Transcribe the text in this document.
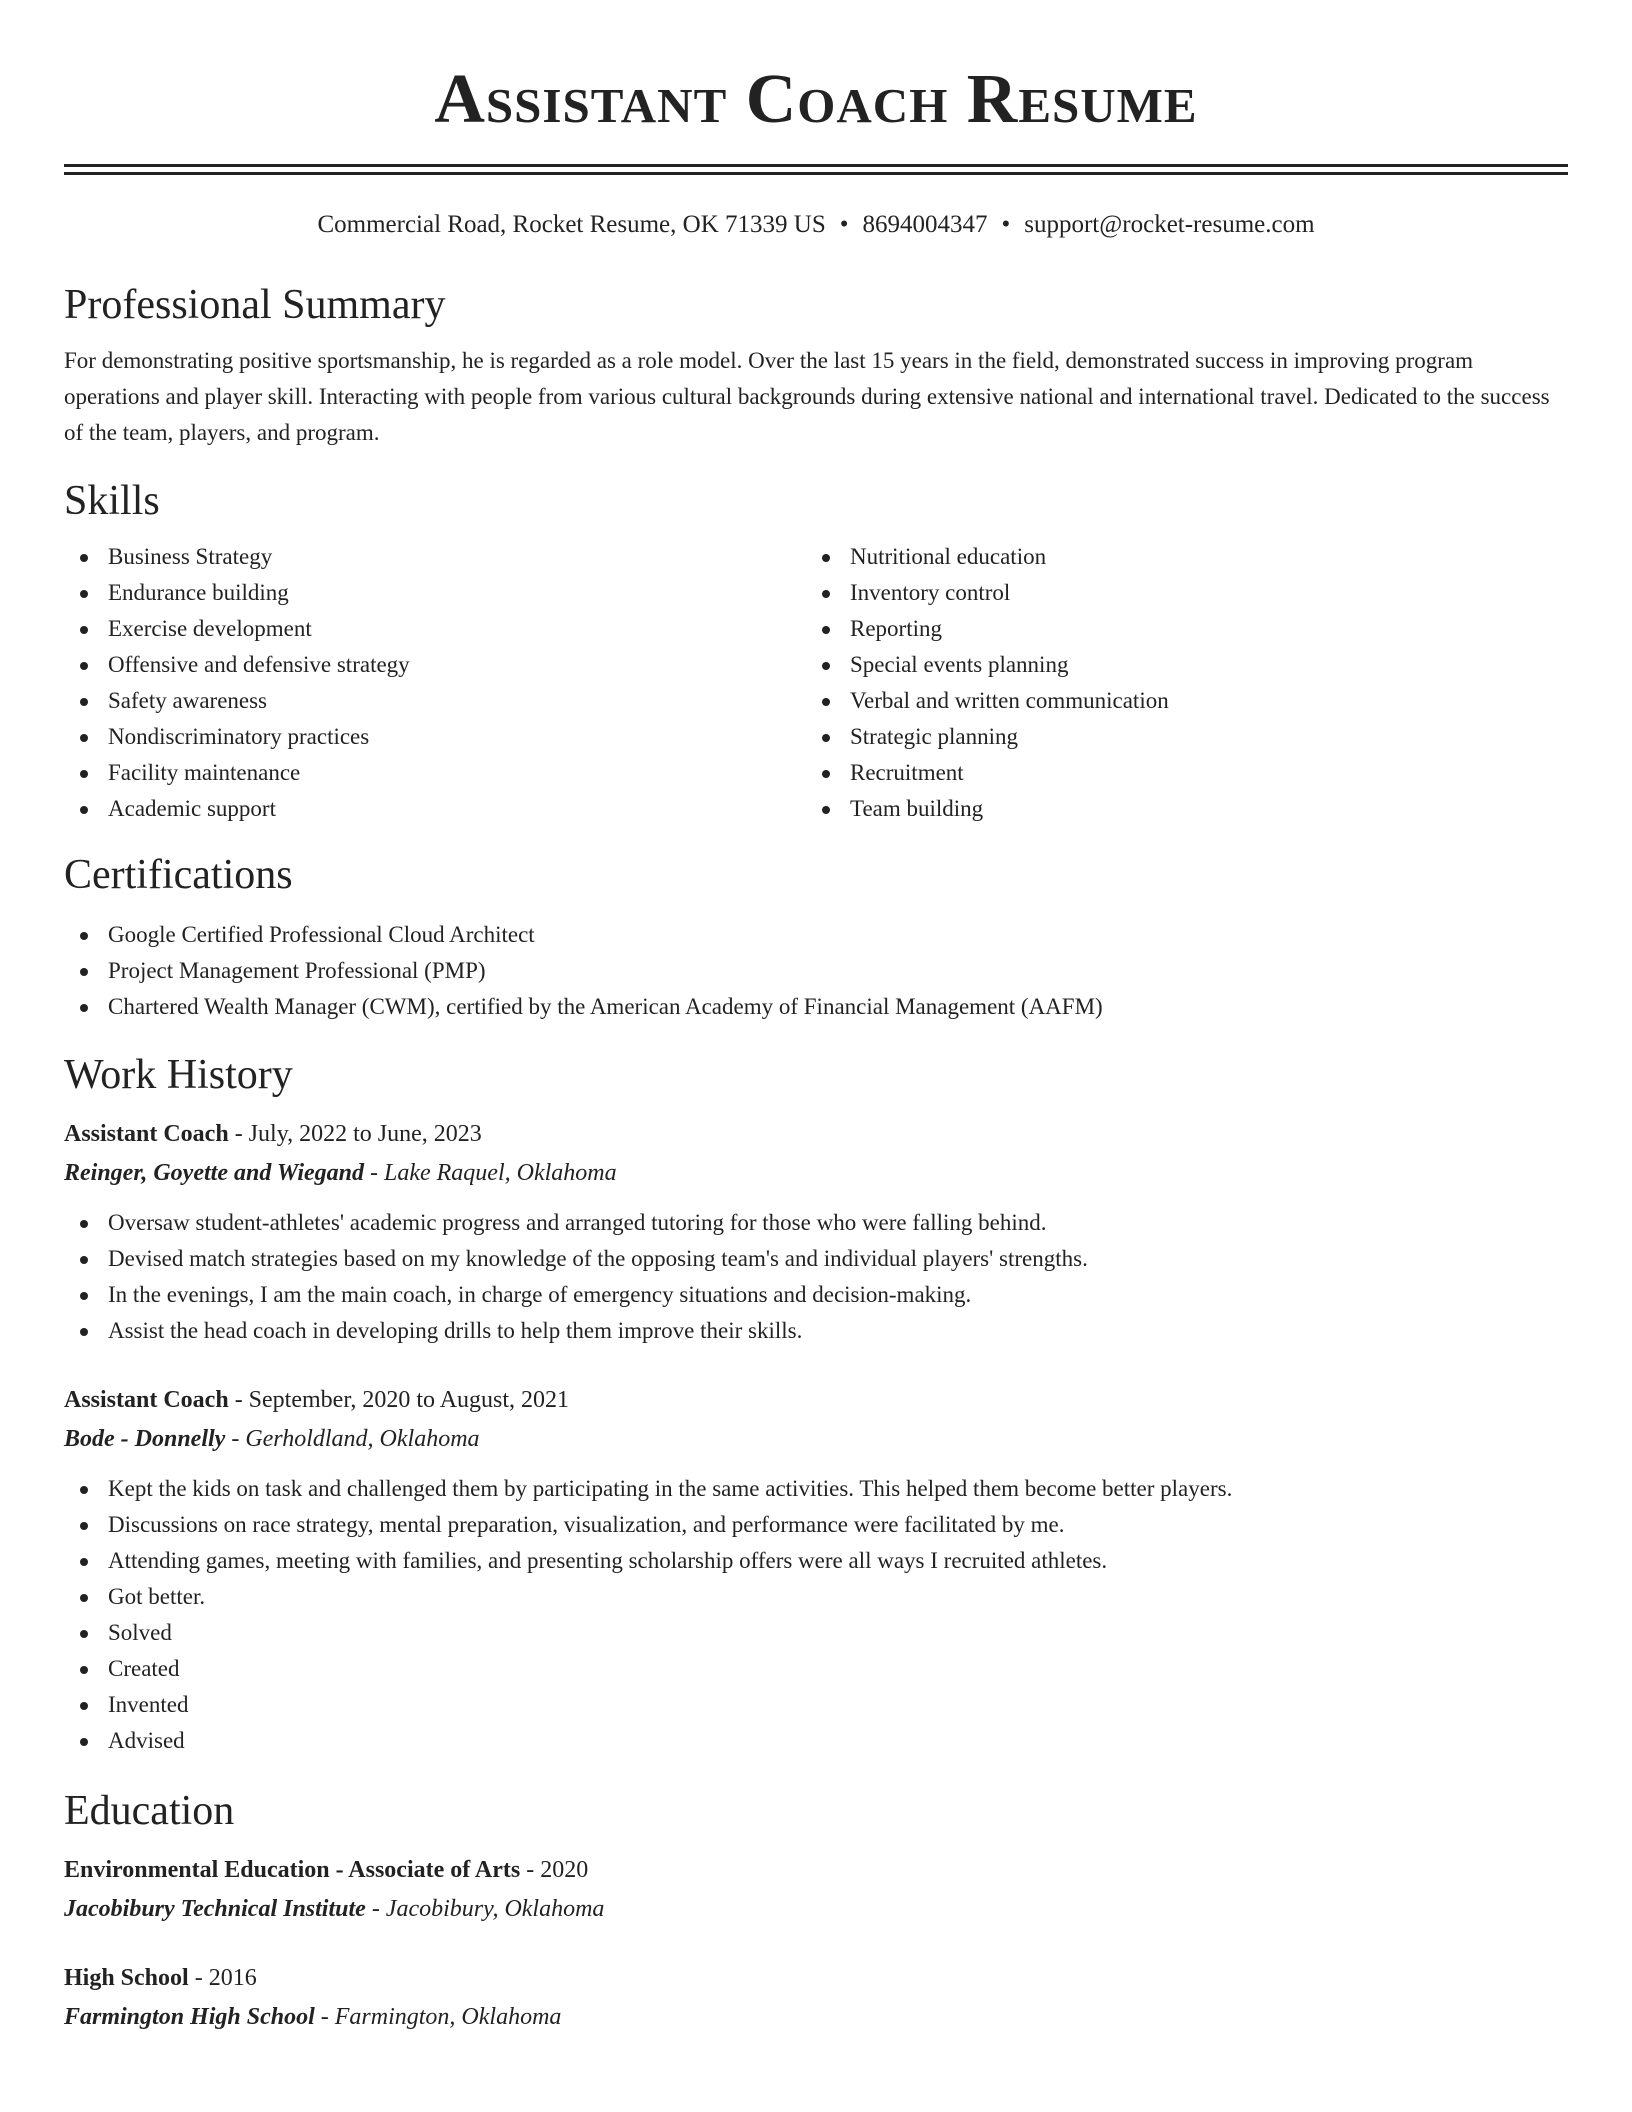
Assistant Coach Resume
Commercial Road, Rocket Resume, OK 71339 US • 8694004347 • support@rocket-resume.com
Professional Summary
For demonstrating positive sportsmanship, he is regarded as a role model. Over the last 15 years in the field, demonstrated success in improving program operations and player skill. Interacting with people from various cultural backgrounds during extensive national and international travel. Dedicated to the success of the team, players, and program.
Skills
Business Strategy
Endurance building
Exercise development
Offensive and defensive strategy
Safety awareness
Nondiscriminatory practices
Facility maintenance
Academic support
Nutritional education
Inventory control
Reporting
Special events planning
Verbal and written communication
Strategic planning
Recruitment
Team building
Certifications
Google Certified Professional Cloud Architect
Project Management Professional (PMP)
Chartered Wealth Manager (CWM), certified by the American Academy of Financial Management (AAFM)
Work History
Assistant Coach - July, 2022 to June, 2023
Reinger, Goyette and Wiegand - Lake Raquel, Oklahoma
Oversaw student-athletes' academic progress and arranged tutoring for those who were falling behind.
Devised match strategies based on my knowledge of the opposing team's and individual players' strengths.
In the evenings, I am the main coach, in charge of emergency situations and decision-making.
Assist the head coach in developing drills to help them improve their skills.
Assistant Coach - September, 2020 to August, 2021
Bode - Donnelly - Gerholdland, Oklahoma
Kept the kids on task and challenged them by participating in the same activities. This helped them become better players.
Discussions on race strategy, mental preparation, visualization, and performance were facilitated by me.
Attending games, meeting with families, and presenting scholarship offers were all ways I recruited athletes.
Got better.
Solved
Created
Invented
Advised
Education
Environmental Education - Associate of Arts - 2020
Jacobibury Technical Institute - Jacobibury, Oklahoma
High School - 2016
Farmington High School - Farmington, Oklahoma
